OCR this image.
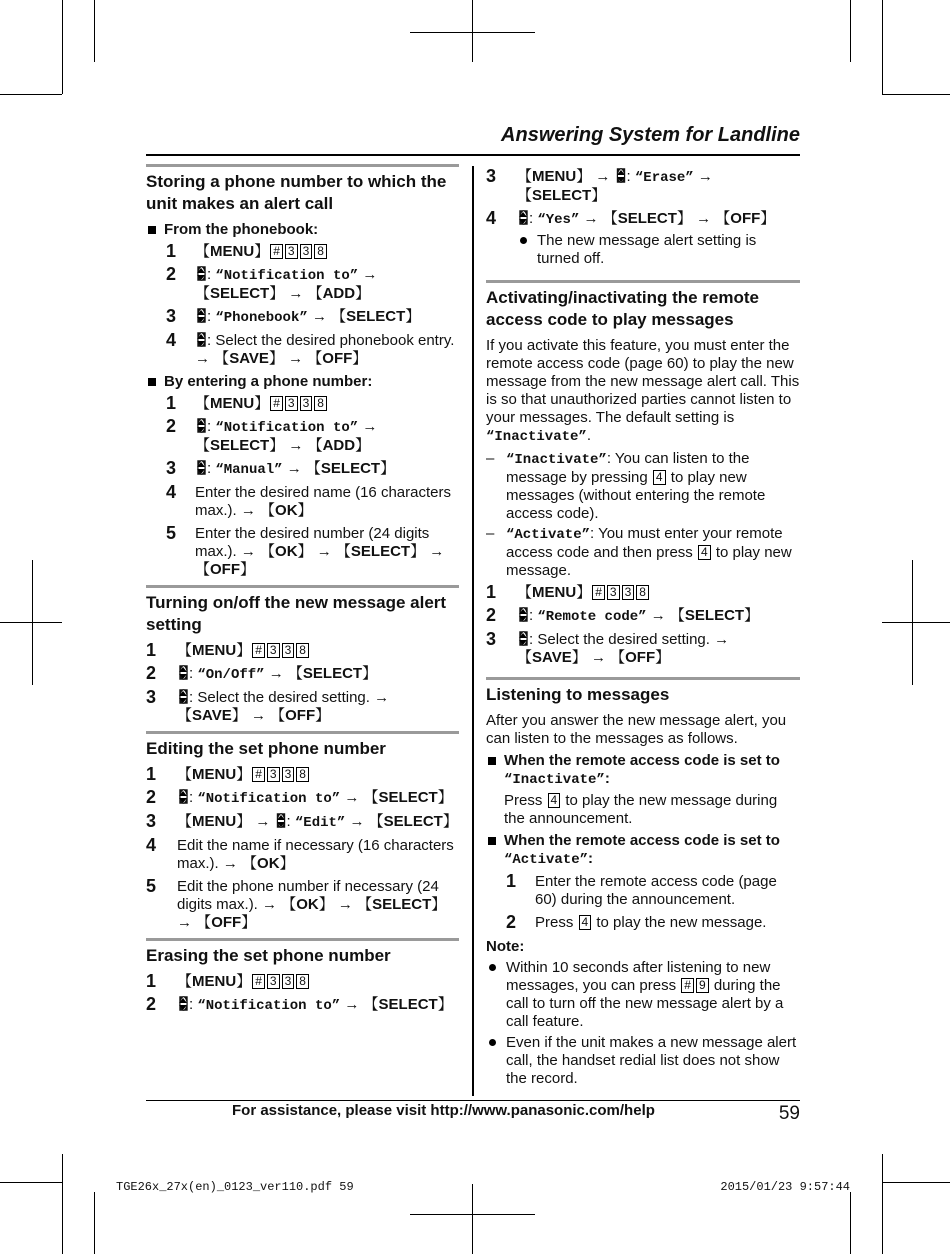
Answering System for Landline
Storing a phone number to which the unit makes an alert call
From the phonebook:
1 【 MENU 】 # 3 3 8
2 【
】 : “Notification to” →
【 SELECT 】 → 【 ADD 】
3 【
】 : “Phonebook” → 【 SELECT 】
4 【
】 : Select the desired phonebook entry. → 【 SAVE 】 → 【 OFF 】
By entering a phone number:
1 【 MENU 】 # 3 3 8
2 【
】 : “Notification to” →
【 SELECT 】 → 【 ADD 】
3 【
】 : “Manual” → 【 SELECT 】
4 Enter the desired name (16 characters max.). → 【 OK 】
5 Enter the desired number (24 digits max.). → 【 OK 】 → 【 SELECT 】 → 【 OFF 】
Turning on/off the new message alert setting
1 【 MENU 】 # 3 3 8
2 【
】 : “On/Off” → 【 SELECT 】
3 【
】 : Select the desired setting. →
【 SAVE 】 → 【 OFF 】
Editing the set phone number
1 【 MENU 】 # 3 3 8
2 【
】 : “Notification to” → 【 SELECT 】
3 【 MENU 】 → 【
】 : “Edit” → 【 SELECT 】
4 Edit the name if necessary (16 characters max.). → 【 OK 】
5 Edit the phone number if necessary (24 digits max.). → 【 OK 】 → 【 SELECT 】 → 【 OFF 】
Erasing the set phone number
1 【 MENU 】 # 3 3 8
2 【
】 : “Notification to” → 【 SELECT 】
3 【 MENU 】 → 【
】 : “Erase” → 【 SELECT 】
4 【
】 : “Yes” → 【 SELECT 】 → 【 OFF 】
The new message alert setting is turned off.
Activating/inactivating the remote access code to play messages

If you activate this feature, you must enter the remote access code (page 60) to play the new message from the new message alert call. This is so that unauthorized parties cannot listen to your messages. The default setting is “Inactivate”.

– “Inactivate”: You can listen to the message by pressing 4 to play new messages (without entering the remote access code).
– “Activate”: You must enter your remote access code and then press 4 to play new message.
1 【 MENU 】 # 3 3 8
2 【
】 : “Remote code” → 【 SELECT 】
3 【
】 : Select the desired setting. →
【 SAVE 】 → 【 OFF 】
Listening to messages

After you answer the new message alert, you can listen to the messages as follows.

When the remote access code is set to
“Inactivate”:

Press 4 to play the new message during the announcement.

When the remote access code is set to
“Activate”:
1 Enter the remote access code (page 60) during the announcement.
2 Press 4 to play the new message.
Note:
Within 10 seconds after listening to new messages, you can press # 9 during the call to turn off the new message alert by a call feature.
Even if the unit makes a new message alert call, the handset redial list does not show the record.
For assistance, please visit http://www.panasonic.com/help	59
TGE26x_27x(en)_0123_ver110.pdf 59	2015/01/23 9:57:44
